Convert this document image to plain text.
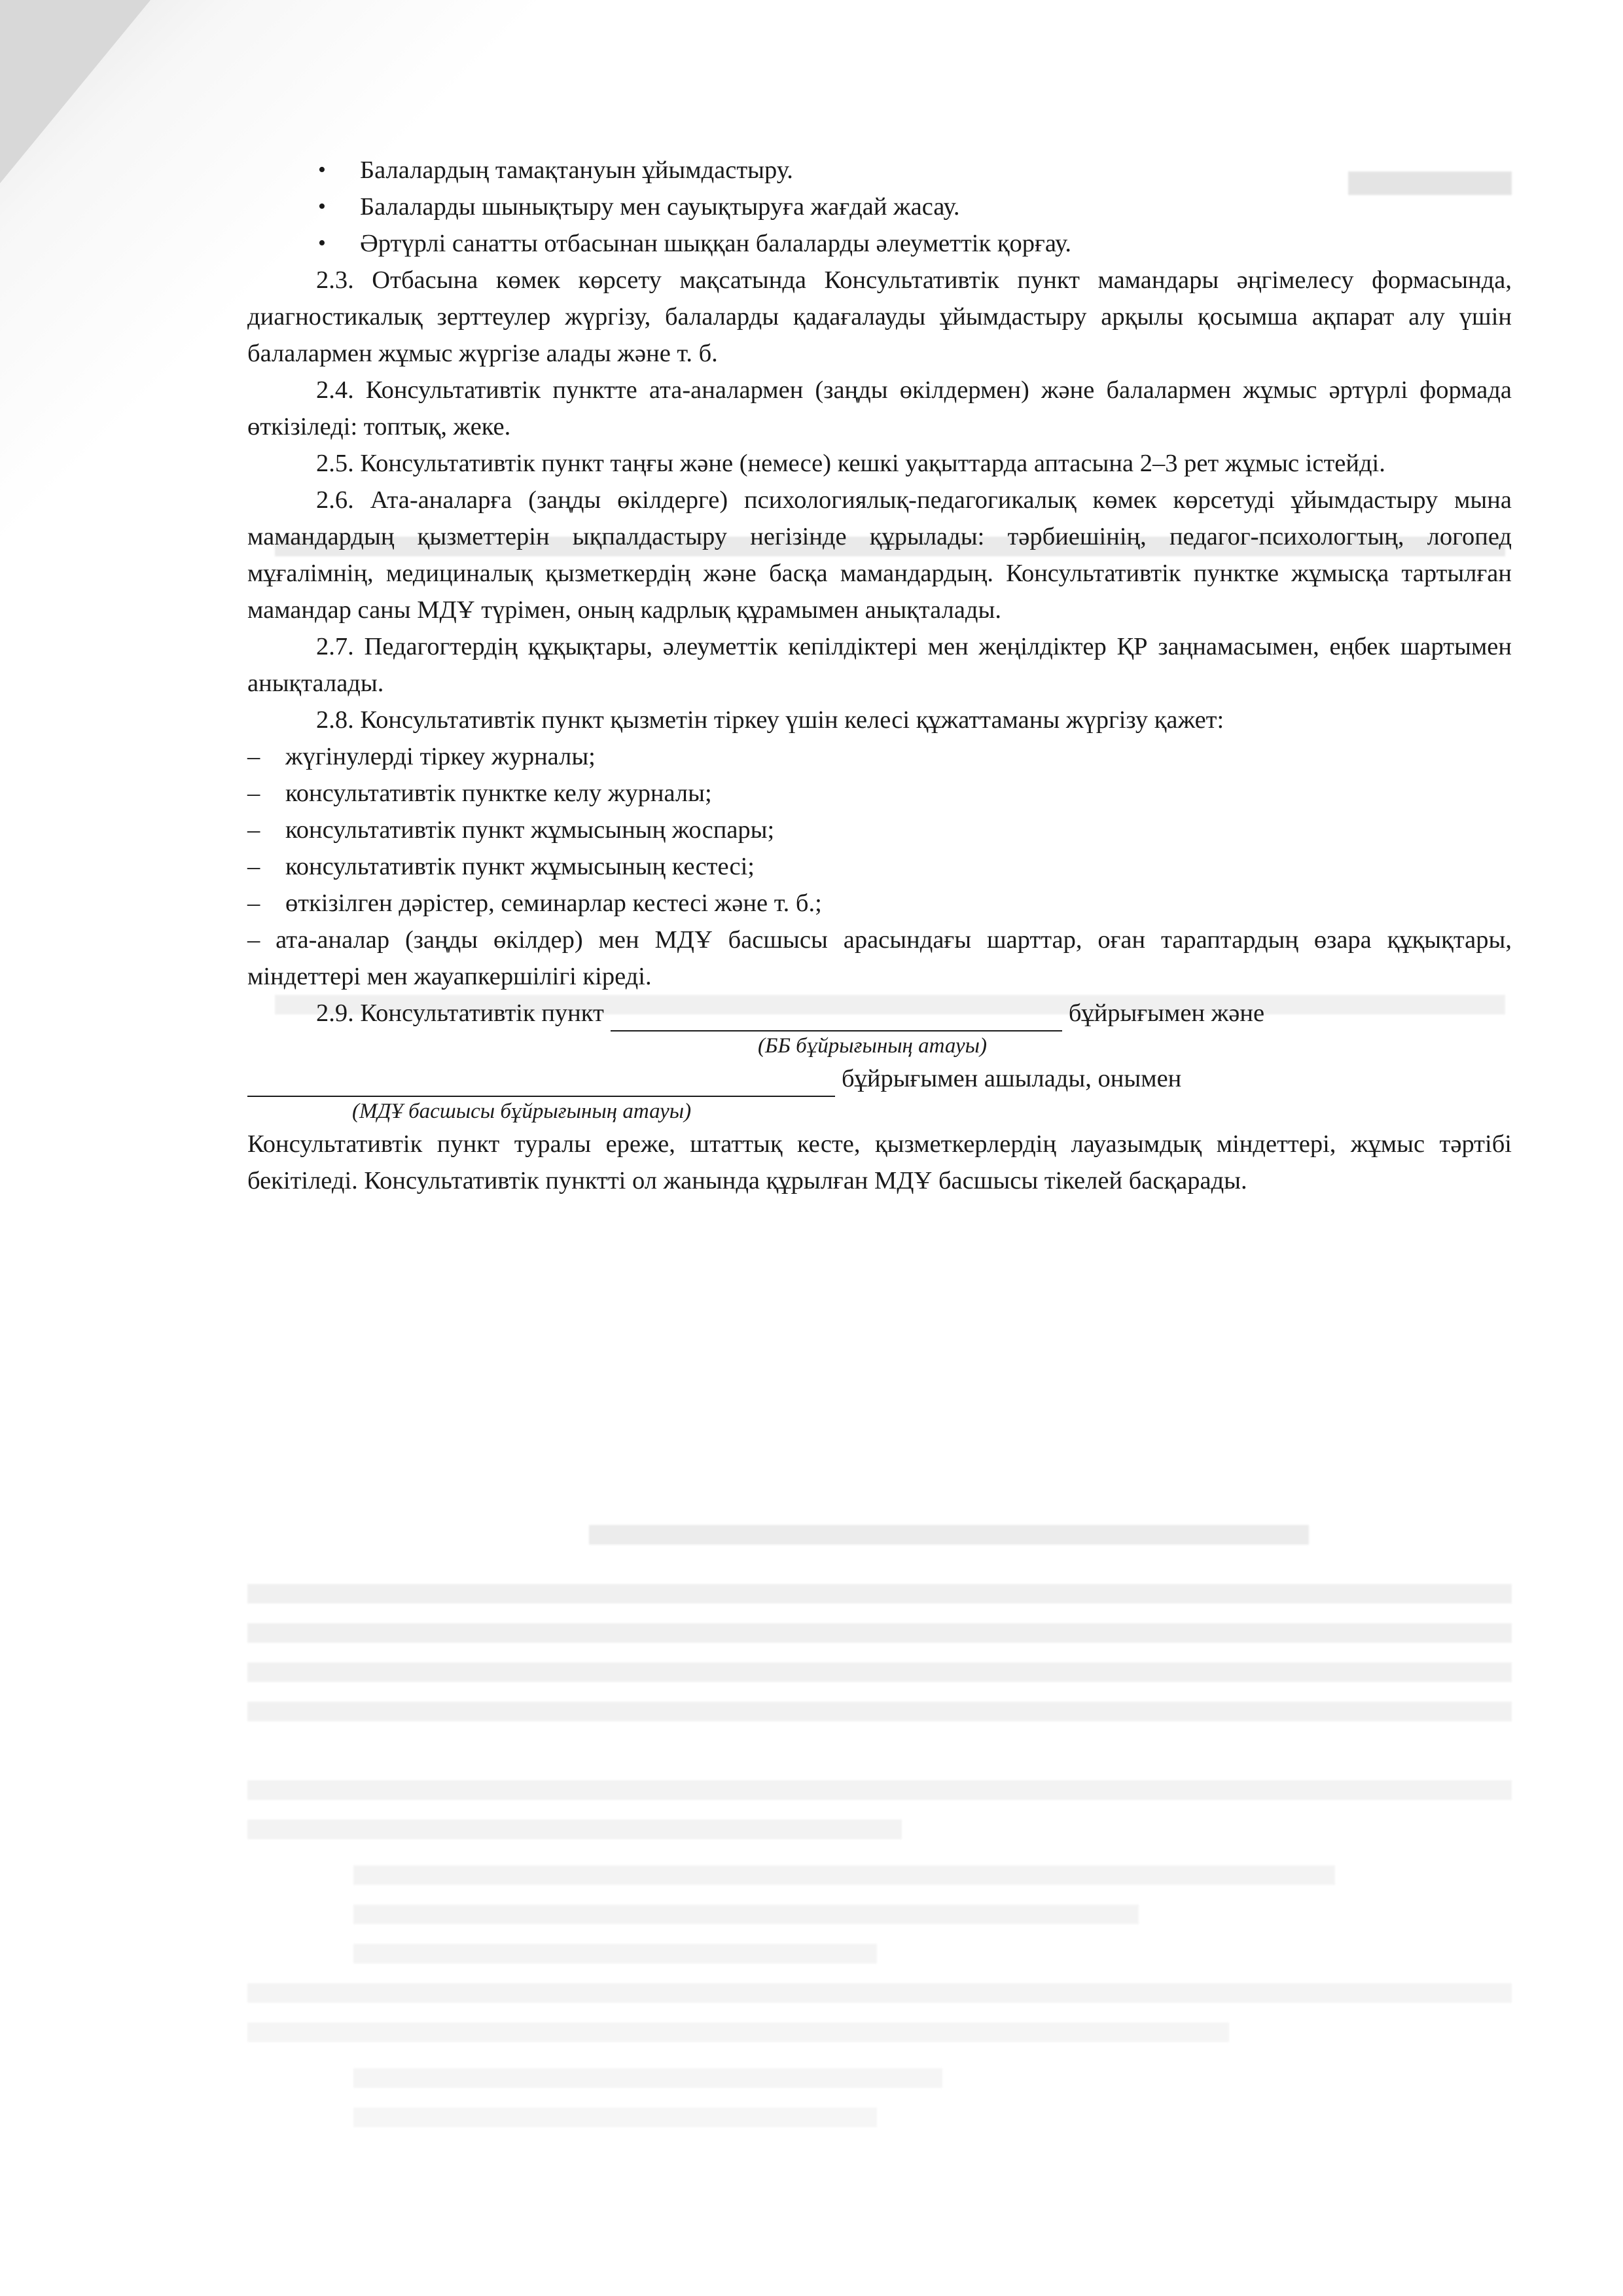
• Балалардың тамақтануын ұйымдастыру.
• Балаларды шынықтыру мен сауықтыруға жағдай жасау.
• Әртүрлі санатты отбасынан шыққан балаларды әлеуметтік қорғау.

2.3. Отбасына көмек көрсету мақсатында Консультативтік пункт мамандары әңгімелесу формасында, диагностикалық зерттеулер жүргізу, балаларды қадағалауды ұйымдастыру арқылы қосымша ақпарат алу үшін балалармен жұмыс жүргізе алады және т. б.

2.4. Консультативтік пунктте ата-аналармен (заңды өкілдермен) және балалармен жұмыс әртүрлі формада өткізіледі: топтық, жеке.

2.5. Консультативтік пункт таңғы және (немесе) кешкі уақыттарда аптасына 2–3 рет жұмыс істейді.

2.6. Ата-аналарға (заңды өкілдерге) психологиялық-педагогикалық көмек көрсетуді ұйымдастыру мына мамандардың қызметтерін ықпалдастыру негізінде құрылады: тәрбиешінің, педагог-психологтың, логопед мұғалімнің, медициналық қызметкердің және басқа мамандардың. Консультативтік пунктке жұмысқа тартылған мамандар саны МДҰ түрімен, оның кадрлық құрамымен анықталады.

2.7. Педагогтердің құқықтары, әлеуметтік кепілдіктері мен жеңілдіктер ҚР заңнамасымен, еңбек шартымен анықталады.

2.8. Консультативтік пункт қызметін тіркеу үшін келесі құжаттаманы жүргізу қажет:

– жүгінулерді тіркеу журналы;
– консультативтік пунктке келу журналы;
– консультативтік пункт жұмысының жоспары;
– консультативтік пункт жұмысының кестесі;
– өткізілген дәрістер, семинарлар кестесі және т. б.;

– ата-аналар (заңды өкілдер) мен МДҰ басшысы арасындағы шарттар, оған тараптардың өзара құқықтары, міндеттері мен жауапкершілігі кіреді.

2.9. Консультативтік пункт	бұйрығымен және

(ББ бұйрығының атауы)

бұйрығымен ашылады, онымен

(МДҰ басшысы бұйрығының атауы)

Консультативтік пункт туралы ереже, штаттық кесте, қызметкерлердің лауазымдық міндеттері, жұмыс тәртібі бекітіледі. Консультативтік пунктті ол жанында құрылған МДҰ басшысы тікелей басқарады.
